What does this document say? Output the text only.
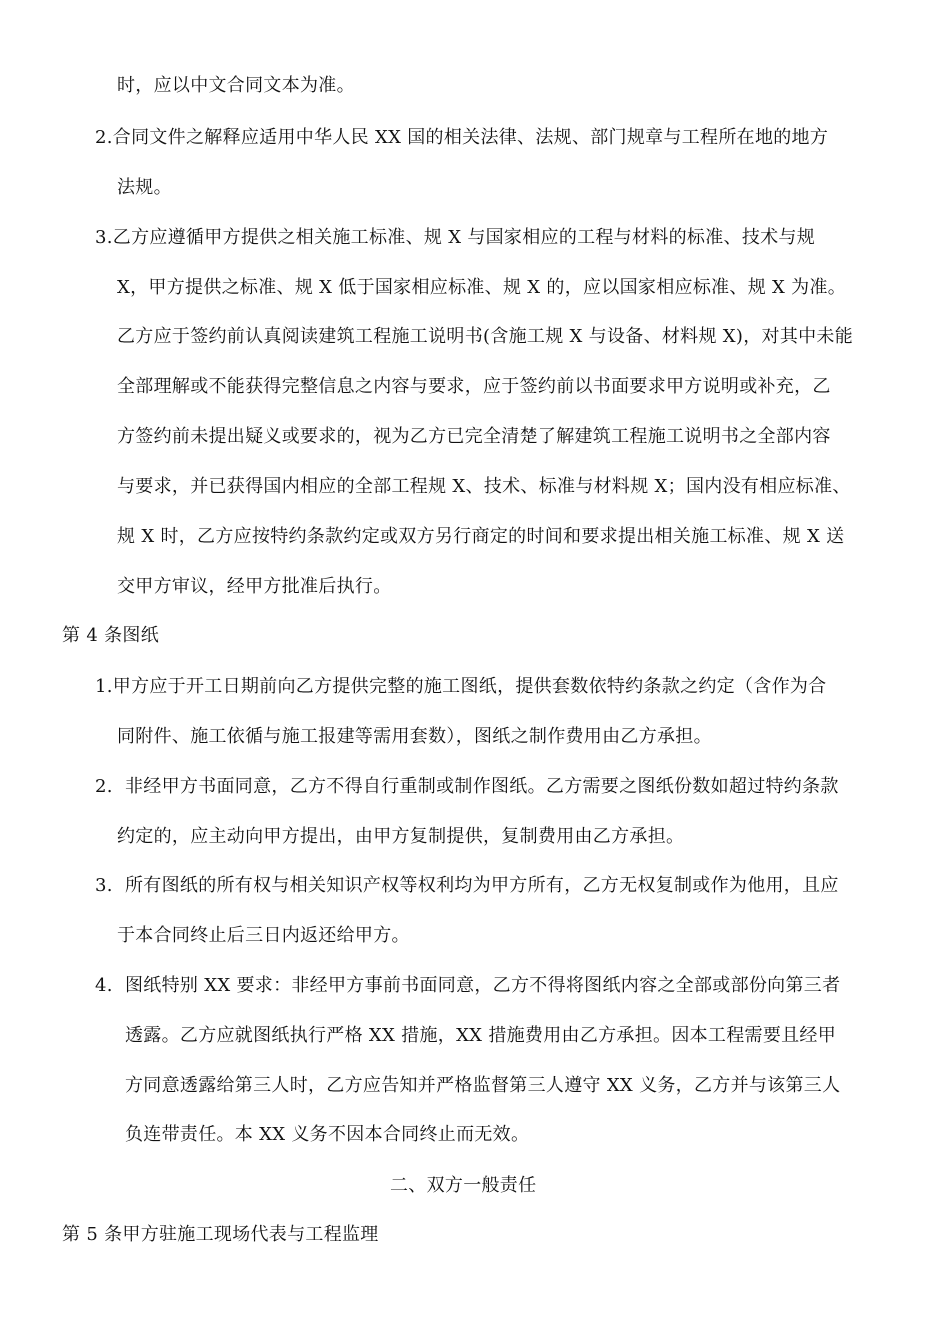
时，应以中文合同文本为准。
2.合同文件之解释应适用中华人民 XX 国的相关法律、法规、部门规章与工程所在地的地方
法规。
3.乙方应遵循甲方提供之相关施工标准、规 X 与国家相应的工程与材料的标准、技术与规
X，甲方提供之标准、规 X 低于国家相应标准、规 X 的，应以国家相应标准、规 X 为准。
乙方应于签约前认真阅读建筑工程施工说明书(含施工规 X 与设备、材料规 X)，对其中未能
全部理解或不能获得完整信息之内容与要求，应于签约前以书面要求甲方说明或补充，乙
方签约前未提出疑义或要求的，视为乙方已完全清楚了解建筑工程施工说明书之全部内容
与要求，并已获得国内相应的全部工程规 X、技术、标准与材料规 X；国内没有相应标准、
规 X 时，乙方应按特约条款约定或双方另行商定的时间和要求提出相关施工标准、规 X 送
交甲方审议，经甲方批准后执行。
第 4 条图纸
1.甲方应于开工日期前向乙方提供完整的施工图纸，提供套数依特约条款之约定（含作为合
同附件、施工依循与施工报建等需用套数），图纸之制作费用由乙方承担。
2. 非经甲方书面同意，乙方不得自行重制或制作图纸。乙方需要之图纸份数如超过特约条款
约定的，应主动向甲方提出，由甲方复制提供，复制费用由乙方承担。
3. 所有图纸的所有权与相关知识产权等权利均为甲方所有，乙方无权复制或作为他用，且应
于本合同终止后三日内返还给甲方。
4. 图纸特别 XX 要求：非经甲方事前书面同意，乙方不得将图纸内容之全部或部份向第三者
透露。乙方应就图纸执行严格 XX 措施，XX 措施费用由乙方承担。因本工程需要且经甲
方同意透露给第三人时，乙方应告知并严格监督第三人遵守 XX 义务，乙方并与该第三人
负连带责任。本 XX 义务不因本合同终止而无效。
二、双方一般责任
第 5 条甲方驻施工现场代表与工程监理
